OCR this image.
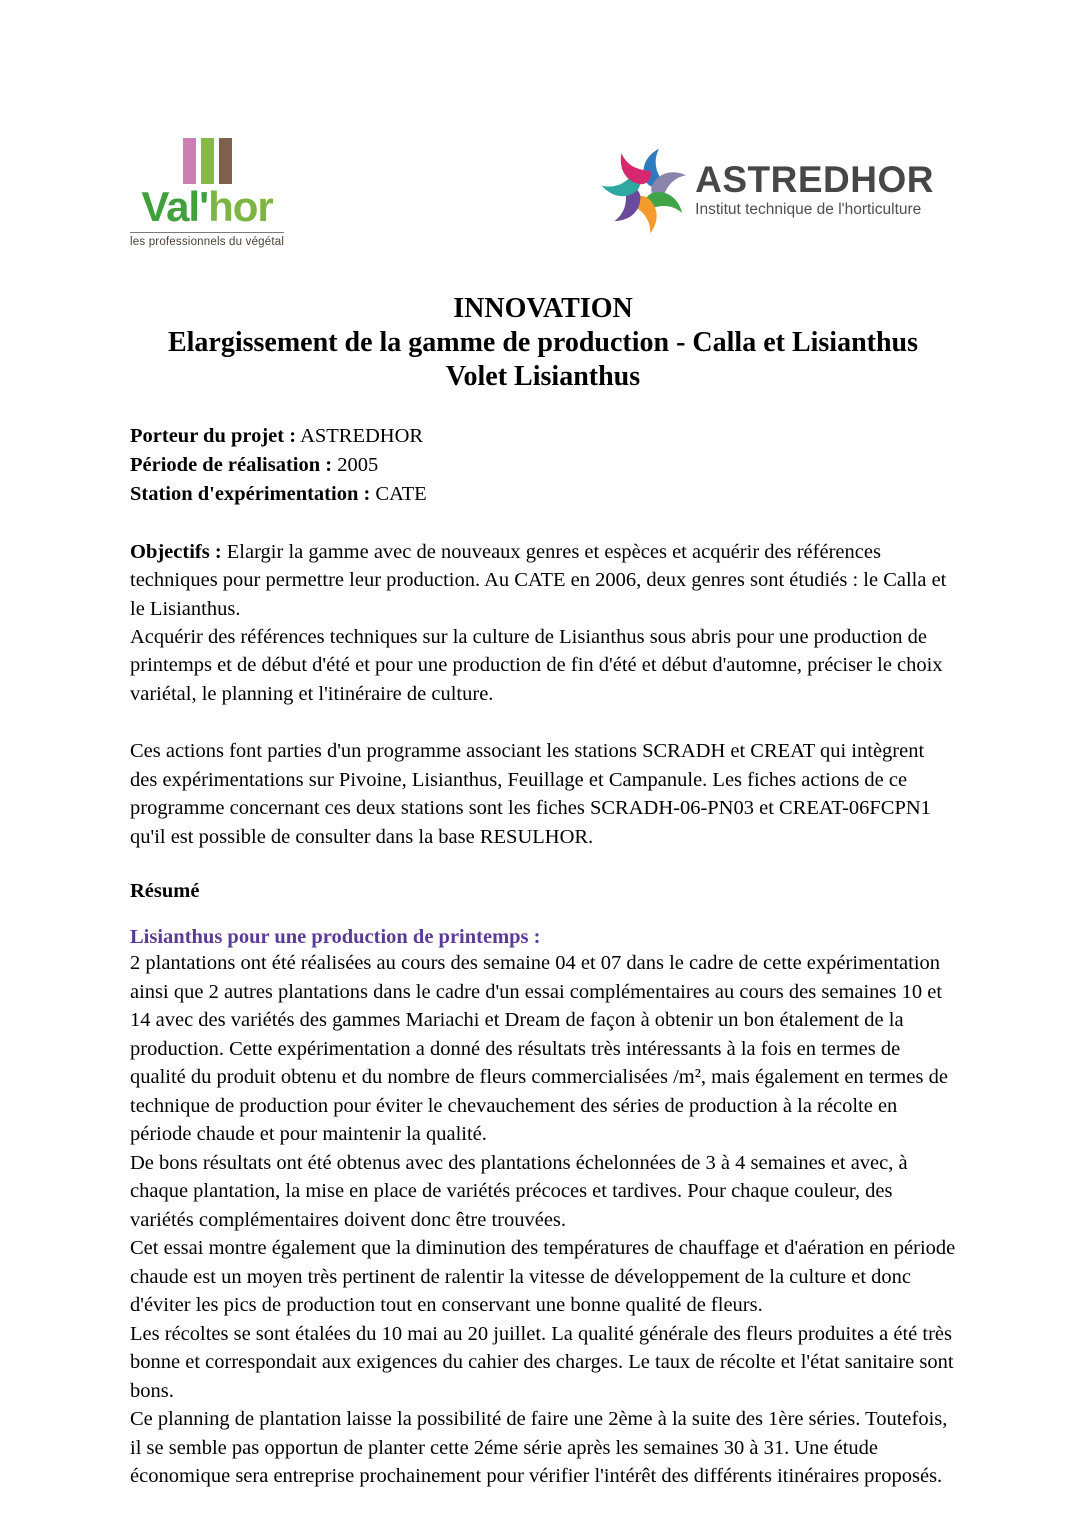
Val'hor
les professionnels du végétal
ASTREDHOR
Institut technique de l'horticulture
INNOVATION
Elargissement de la gamme de production - Calla et Lisianthus
Volet Lisianthus
Porteur du projet : ASTREDHOR
Période de réalisation : 2005
Station d'expérimentation : CATE

Objectifs : Elargir la gamme avec de nouveaux genres et espèces et acquérir des références techniques pour permettre leur production. Au CATE en 2006, deux genres sont étudiés : le Calla et le Lisianthus.

Acquérir des références techniques sur la culture de Lisianthus sous abris pour une production de printemps et de début d'été et pour une production de fin d'été et début d'automne, préciser le choix variétal, le planning et l'itinéraire de culture.

Ces actions font parties d'un programme associant les stations SCRADH et CREAT qui intègrent des expérimentations sur Pivoine, Lisianthus, Feuillage et Campanule. Les fiches actions de ce programme concernant ces deux stations sont les fiches SCRADH-06-PN03 et CREAT-06FCPN1 qu'il est possible de consulter dans la base RESULHOR.

Résumé
Lisianthus pour une production de printemps :

2 plantations ont été réalisées au cours des semaine 04 et 07 dans le cadre de cette expérimentation ainsi que 2 autres plantations dans le cadre d'un essai complémentaires au cours des semaines 10 et 14 avec des variétés des gammes Mariachi et Dream de façon à obtenir un bon étalement de la production. Cette expérimentation a donné des résultats très intéressants à la fois en termes de qualité du produit obtenu et du nombre de fleurs commercialisées /m², mais également en termes de technique de production pour éviter le chevauchement des séries de production à la récolte en période chaude et pour maintenir la qualité.

De bons résultats ont été obtenus avec des plantations échelonnées de 3 à 4 semaines et avec, à chaque plantation, la mise en place de variétés précoces et tardives. Pour chaque couleur, des variétés complémentaires doivent donc être trouvées.

Cet essai montre également que la diminution des températures de chauffage et d'aération en période chaude est un moyen très pertinent de ralentir la vitesse de développement de la culture et donc d'éviter les pics de production tout en conservant une bonne qualité de fleurs.

Les récoltes se sont étalées du 10 mai au 20 juillet. La qualité générale des fleurs produites a été très bonne et correspondait aux exigences du cahier des charges. Le taux de récolte et l'état sanitaire sont bons.

Ce planning de plantation laisse la possibilité de faire une 2ème à la suite des 1ère séries. Toutefois, il se semble pas opportun de planter cette 2éme série après les semaines 30 à 31. Une étude économique sera entreprise prochainement pour vérifier l'intérêt des différents itinéraires proposés.
